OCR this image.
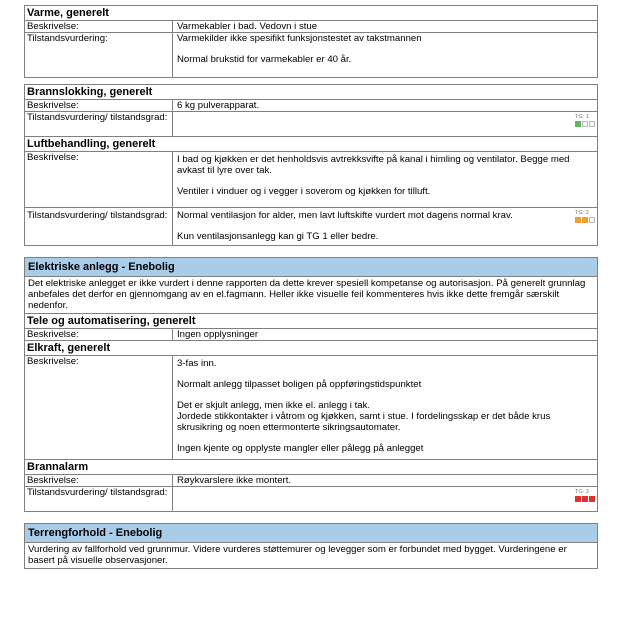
Varme, generelt
Beskrivelse:	Varmekabler i bad. Vedovn i stue

Tilstandsvurdering:	Varmekilder ikke spesifikt funksjonstestet av takstmannen

Normal brukstid for varmekabler er 40 år.

Brannslokking, generelt
Beskrivelse:	6 kg pulverapparat.

Tilstandsvurdering/ tilstandsgrad:	TG: 1
Luftbehandling, generelt
Beskrivelse:	I bad og kjøkken er det henholdsvis avtrekksvifte på kanal i himling og ventilator. Begge med avkast til lyre over tak.

Ventiler i vinduer og i vegger i soverom og kjøkken for tilluft.

Tilstandsvurdering/ tilstandsgrad: Normal ventilasjon for alder, men lavt luftskifte vurdert mot dagens normal krav.

Kun ventilasjonsanlegg kan gi TG 1 eller bedre.

TG: 2
Elektriske anlegg - Enebolig
Det elektriske anlegget er ikke vurdert i denne rapporten da dette krever spesiell kompetanse og autorisasjon. På generelt grunnlag anbefales det derfor en gjennomgang av en el.fagmann. Heller ikke visuelle feil kommenteres hvis ikke dette fremgår særskilt nedenfor.
Tele og automatisering, generelt
Beskrivelse:	Ingen opplysninger

Elkraft, generelt
Beskrivelse:	3-fas inn.

Normalt anlegg tilpasset boligen på oppføringstidspunktet

Det er skjult anlegg, men ikke el. anlegg i tak.

Jordede stikkontakter i våtrom og kjøkken, samt i stue. I fordelingsskap er det både krus skrusikring og noen ettermonterte sikringsautomater.

Ingen kjente og opplyste mangler eller pålegg på anlegget

Brannalarm
Beskrivelse:	Røykvarslere ikke montert.

Tilstandsvurdering/ tilstandsgrad:	TG: 3
Terrengforhold - Enebolig
Vurdering av fallforhold ved grunnmur. Videre vurderes støttemurer og levegger som er forbundet med bygget. Vurderingene er basert på visuelle observasjoner.
